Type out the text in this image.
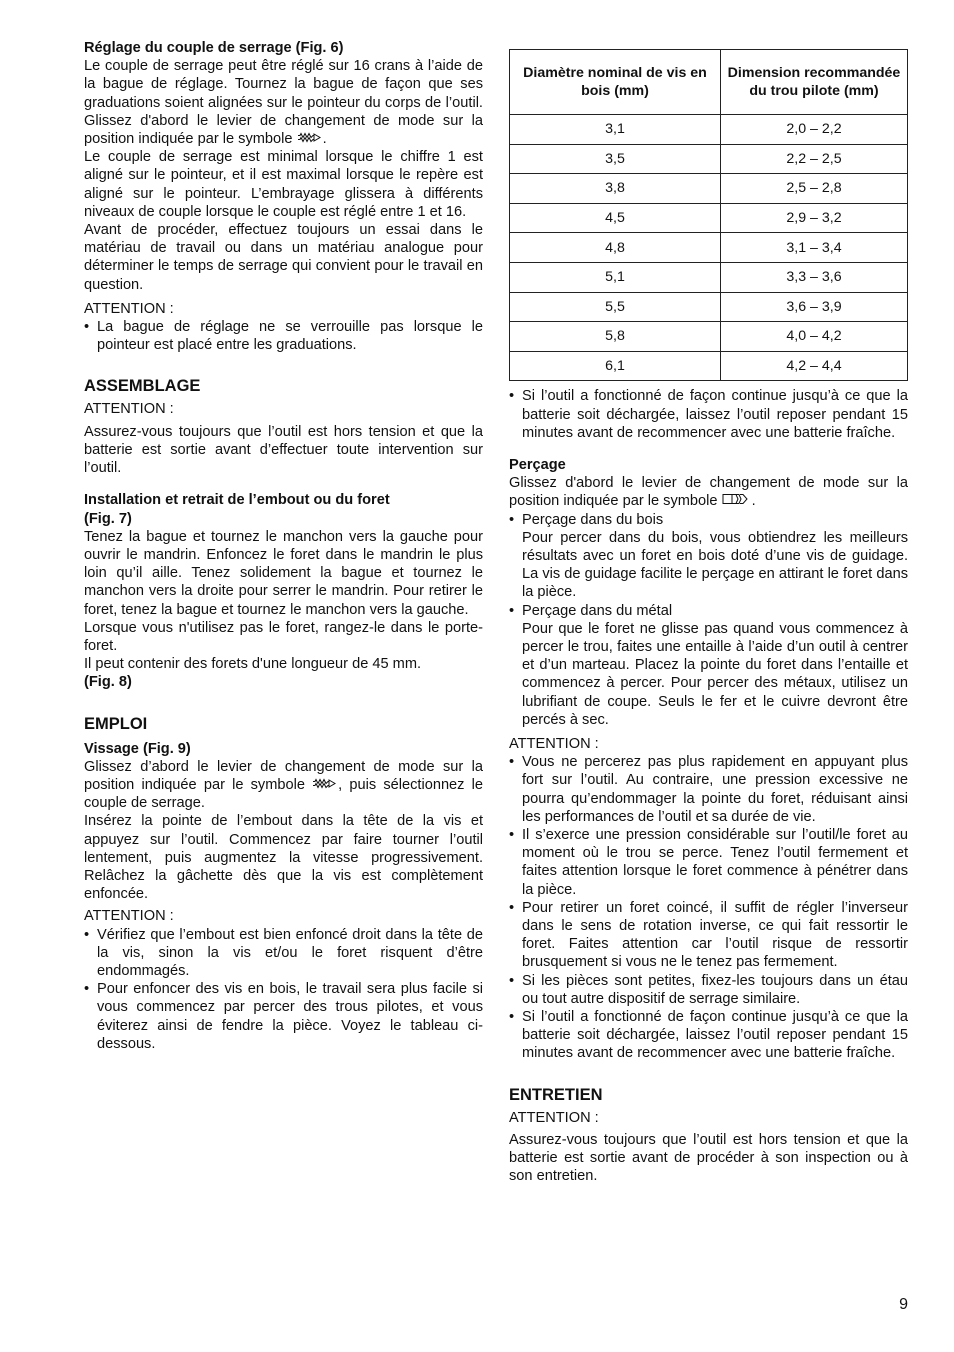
Réglage du couple de serrage (Fig. 6)

Le couple de serrage peut être réglé sur 16 crans à l’aide de la bague de réglage. Tournez la bague de façon que ses graduations soient alignées sur le pointeur du corps de l’outil. Glissez d'abord le levier de changement de mode sur la position indiquée par le symbole .

Le couple de serrage est minimal lorsque le chiffre 1 est aligné sur le pointeur, et il est maximal lorsque le repère est aligné sur le pointeur. L’embrayage glissera à différents niveaux de couple lorsque le couple est réglé entre 1 et 16.

Avant de procéder, effectuez toujours un essai dans le matériau de travail ou dans un matériau analogue pour déterminer le temps de serrage qui convient pour le travail en question.

ATTENTION :

• La bague de réglage ne se verrouille pas lorsque le pointeur est placé entre les graduations.

ASSEMBLAGE

ATTENTION :

Assurez-vous toujours que l’outil est hors tension et que la batterie est sortie avant d’effectuer toute intervention sur l’outil.

Installation et retrait de l’embout ou du foret
(Fig. 7)

Tenez la bague et tournez le manchon vers la gauche pour ouvrir le mandrin. Enfoncez le foret dans le mandrin le plus loin qu’il aille. Tenez solidement la bague et tournez le manchon vers la droite pour serrer le mandrin. Pour retirer le foret, tenez la bague et tournez le manchon vers la gauche.

Lorsque vous n'utilisez pas le foret, rangez-le dans le porte-foret.

Il peut contenir des forets d'une longueur de 45 mm.

(Fig. 8)

EMPLOI

Vissage (Fig. 9)

Glissez d’abord le levier de changement de mode sur la position indiquée par le symbole , puis sélectionnez le couple de serrage.

Insérez la pointe de l’embout dans la tête de la vis et appuyez sur l’outil. Commencez par faire tourner l’outil lentement, puis augmentez la vitesse progressivement. Relâchez la gâchette dès que la vis est complètement enfoncée.

ATTENTION :

• Vérifiez que l’embout est bien enfoncé droit dans la tête de la vis, sinon la vis et/ou le foret risquent d’être endommagés.

• Pour enfoncer des vis en bois, le travail sera plus facile si vous commencez par percer des trous pilotes, et vous éviterez ainsi de fendre la pièce. Voyez le tableau ci-dessous.

Diamètre nominal de vis en bois (mm)	Dimension recommandée du trou pilote (mm)
3,1	2,0 – 2,2
3,5	2,2 – 2,5
3,8	2,5 – 2,8
4,5	2,9 – 3,2
4,8	3,1 – 3,4
5,1	3,3 – 3,6
5,5	3,6 – 3,9
5,8	4,0 – 4,2
6,1	4,2 – 4,4

• Si l’outil a fonctionné de façon continue jusqu’à ce que la batterie soit déchargée, laissez l’outil reposer pendant 15 minutes avant de recommencer avec une batterie fraîche.

Perçage

Glissez d'abord le levier de changement de mode sur la position indiquée par le symbole .

• Perçage dans du bois
Pour percer dans du bois, vous obtiendrez les meilleurs résultats avec un foret en bois doté d’une vis de guidage. La vis de guidage facilite le perçage en attirant le foret dans la pièce.

• Perçage dans du métal
Pour que le foret ne glisse pas quand vous commencez à percer le trou, faites une entaille à l’aide d’un outil à centrer et d’un marteau. Placez la pointe du foret dans l’entaille et commencez à percer. Pour percer des métaux, utilisez un lubrifiant de coupe. Seuls le fer et le cuivre devront être percés à sec.

ATTENTION :

• Vous ne percerez pas plus rapidement en appuyant plus fort sur l’outil. Au contraire, une pression excessive ne pourra qu’endommager la pointe du foret, réduisant ainsi les performances de l’outil et sa durée de vie.

• Il s’exerce une pression considérable sur l’outil/le foret au moment où le trou se perce. Tenez l’outil fermement et faites attention lorsque le foret commence à pénétrer dans la pièce.

• Pour retirer un foret coincé, il suffit de régler l’inverseur dans le sens de rotation inverse, ce qui fait ressortir le foret. Faites attention car l’outil risque de ressortir brusquement si vous ne le tenez pas fermement.

• Si les pièces sont petites, fixez-les toujours dans un étau ou tout autre dispositif de serrage similaire.

• Si l’outil a fonctionné de façon continue jusqu’à ce que la batterie soit déchargée, laissez l’outil reposer pendant 15 minutes avant de recommencer avec une batterie fraîche.

ENTRETIEN

ATTENTION :

Assurez-vous toujours que l’outil est hors tension et que la batterie est sortie avant de procéder à son inspection ou à son entretien.

9
